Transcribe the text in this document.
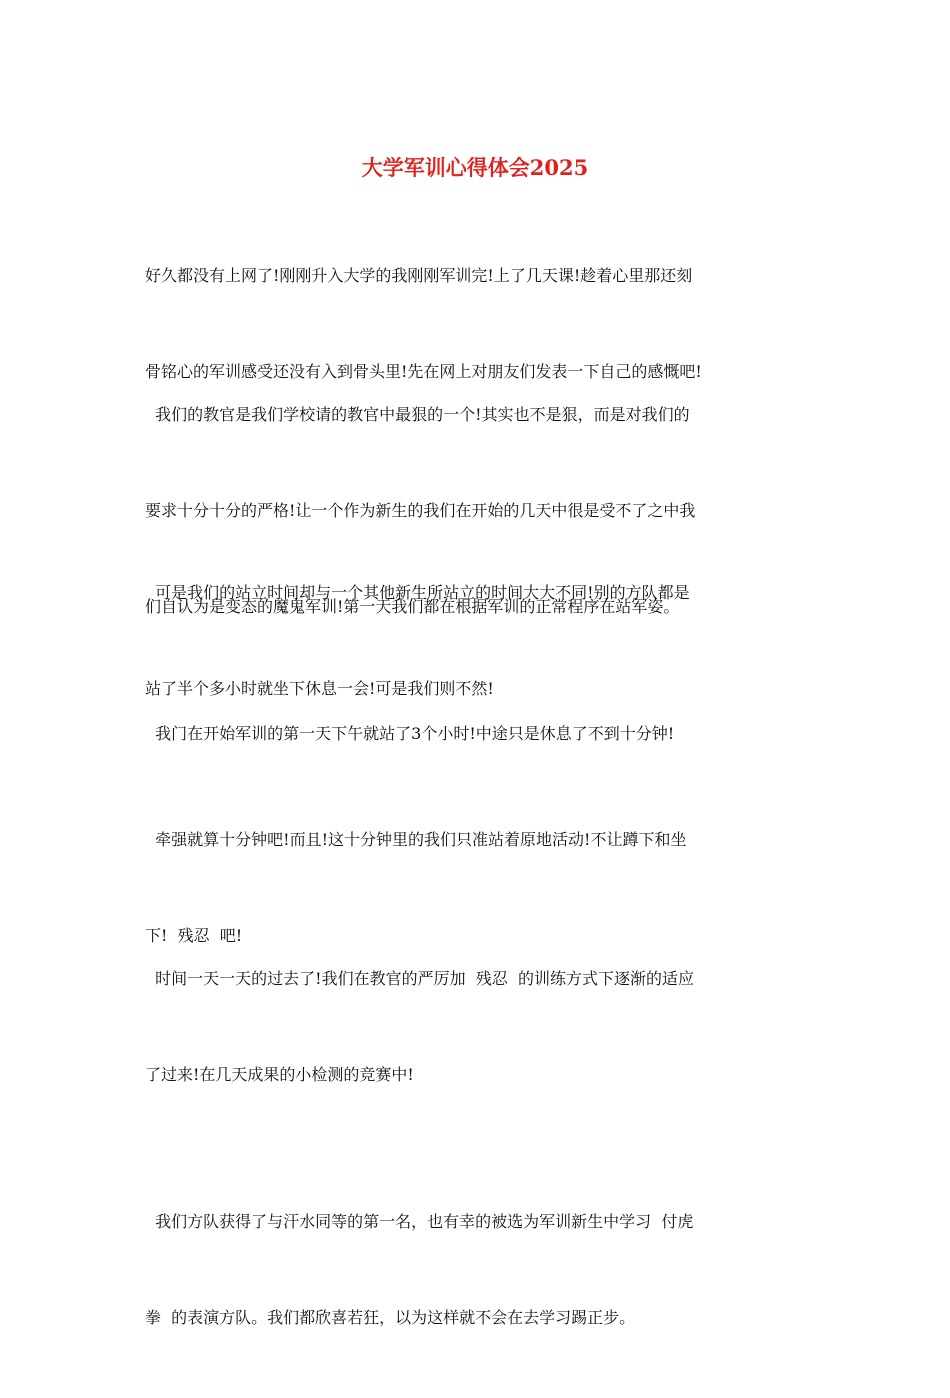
大学军训心得体会2025

好久都没有上网了!刚刚升入大学的我刚刚军训完!上了几天课!趁着心里那还刻

骨铭心的军训感受还没有入到骨头里!先在网上对朋友们发表一下自己的感慨吧!

我们的教官是我们学校请的教官中最狠的一个!其实也不是狠，而是对我们的

要求十分十分的严格!让一个作为新生的我们在开始的几天中很是受不了之中我

们自认为是变态的魔鬼军训!第一天我们都在根据军训的正常程序在站军姿。

可是我们的站立时间却与一个其他新生所站立的时间大大不同!别的方队都是

站了半个多小时就坐下休息一会!可是我们则不然!

我门在开始军训的第一天下午就站了3个小时!中途只是休息了不到十分钟!

牵强就算十分钟吧!而且!这十分钟里的我们只准站着原地活动!不让蹲下和坐

下!  残忍  吧!

时间一天一天的过去了!我们在教官的严厉加  残忍  的训练方式下逐渐的适应

了过来!在几天成果的小检测的竞赛中!

我们方队获得了与汗水同等的第一名，也有幸的被选为军训新生中学习  付虎

拳  的表演方队。我们都欣喜若狂，以为这样就不会在去学习踢正步。
